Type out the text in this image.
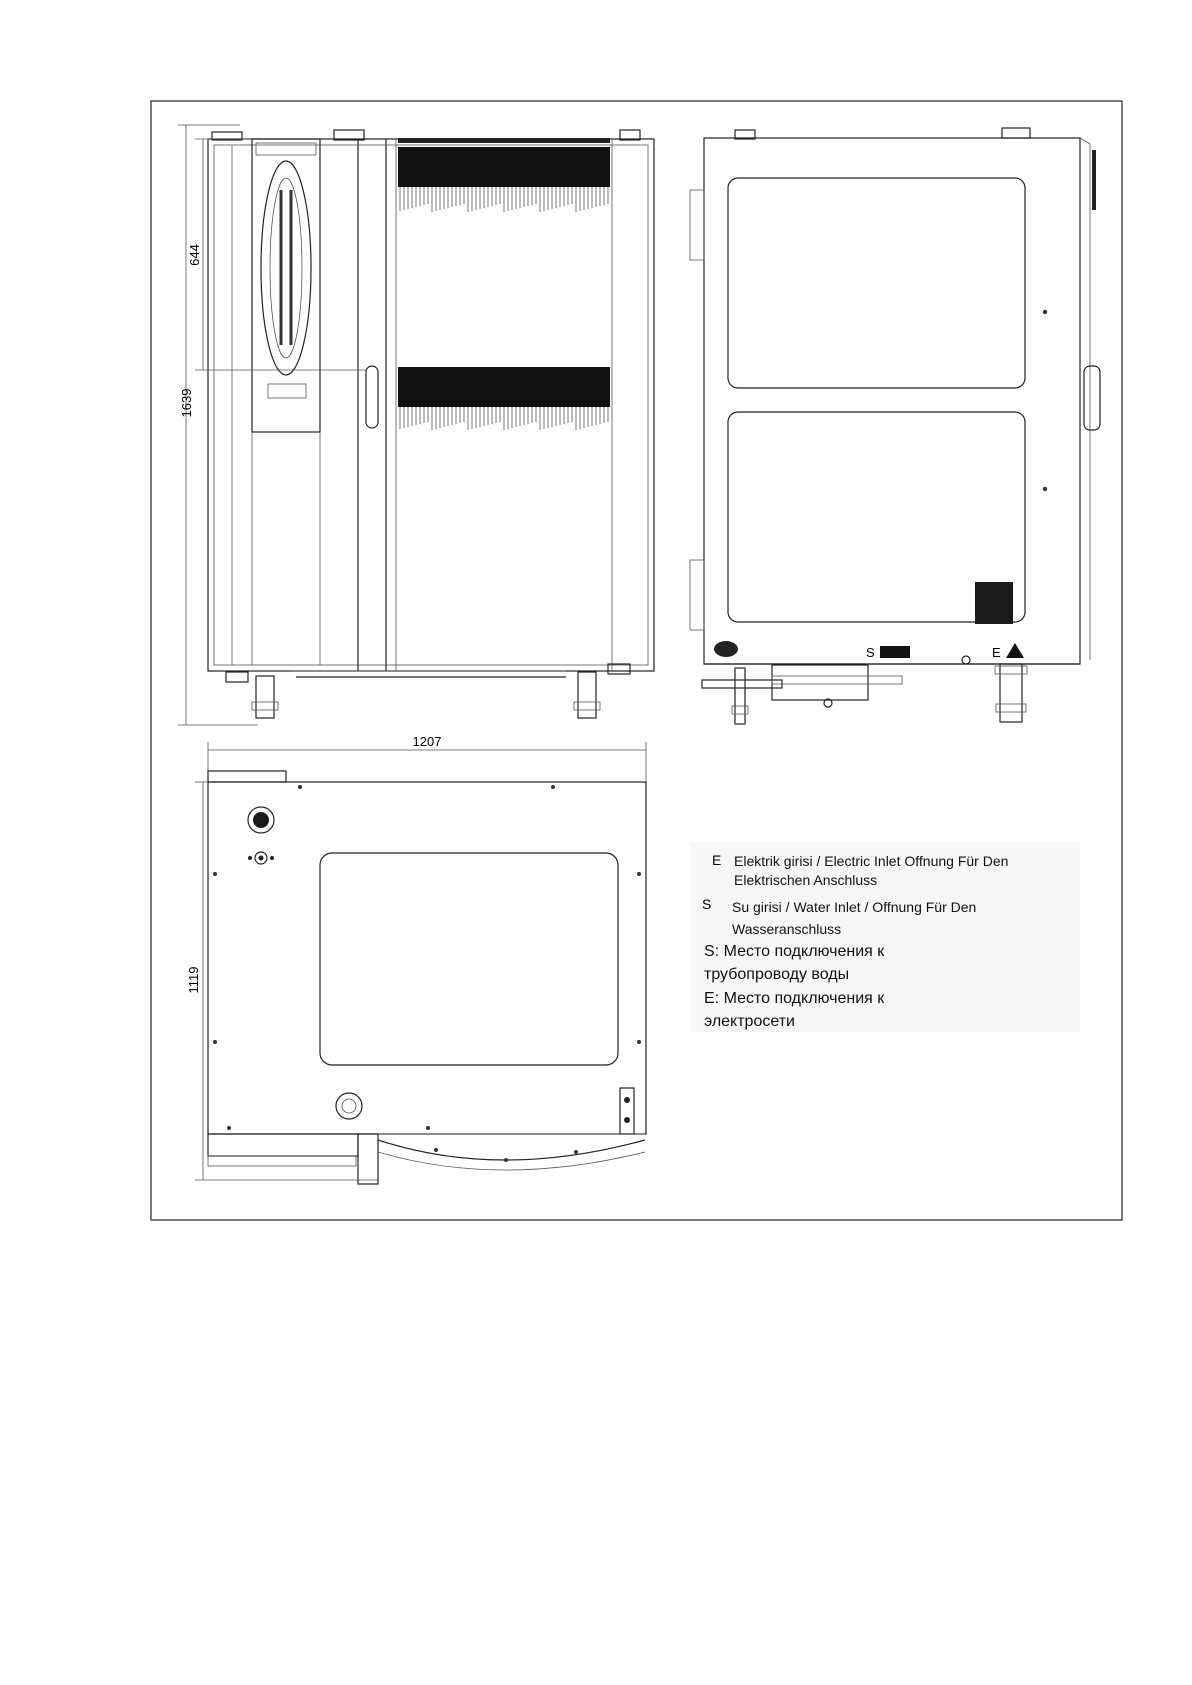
1639
644
S	E
1207
1119
E Elektrik girisi / Electric Inlet Offnung Für Den
Elektrischen Anschluss
S Su girisi / Water Inlet / Offnung Für Den
Wasseranschluss
S: Место подключения к
трубопроводу воды
E: Место подключения к
электросети
